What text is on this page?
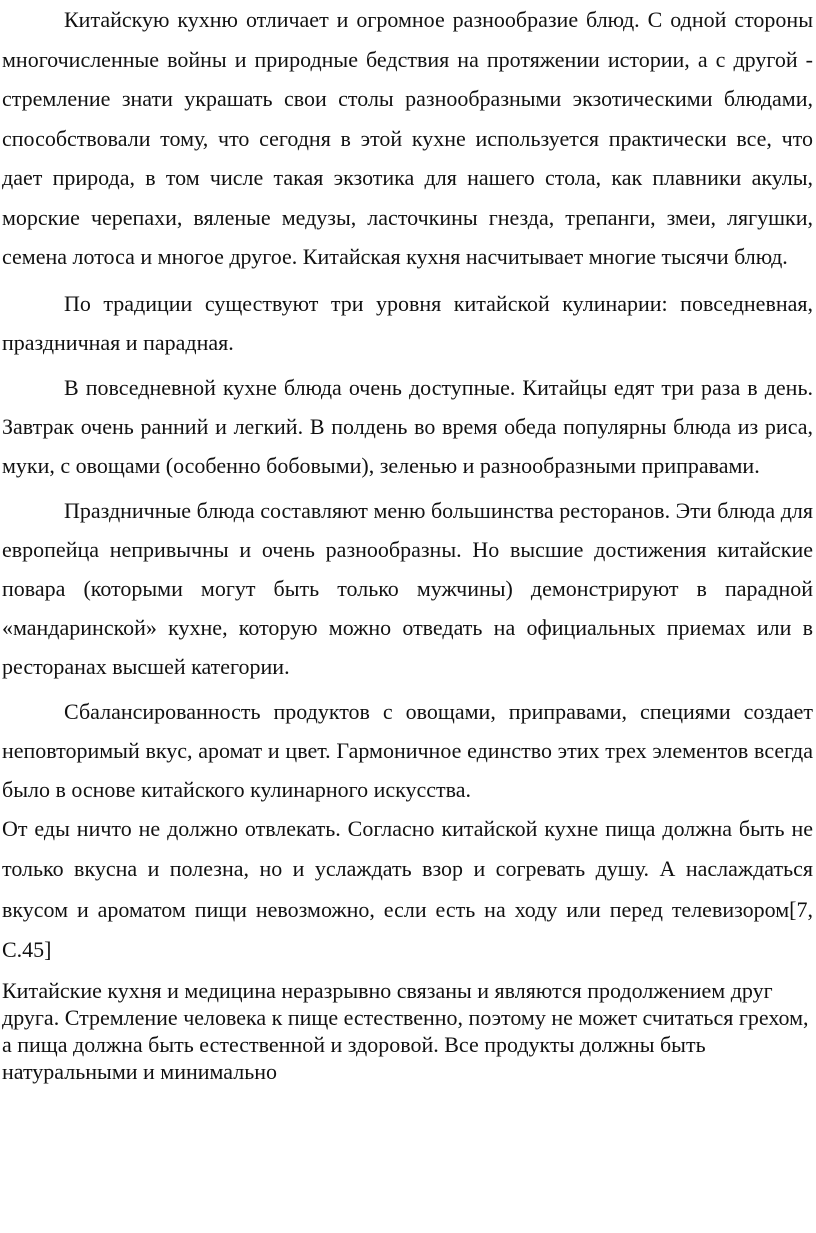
Китайскую кухню отличает и огромное разнообразие блюд. С одной стороны многочисленные войны и природные бедствия на протяжении истории, а с другой - стремление знати украшать свои столы разнообразными экзотическими блюдами, способствовали тому, что сегодня в этой кухне используется практически все, что дает природа, в том числе такая экзотика для нашего стола, как плавники акулы, морские черепахи, вяленые медузы, ласточкины гнезда, трепанги, змеи, лягушки, семена лотоса и многое другое. Китайская кухня насчитывает многие тысячи блюд.

По традиции существуют три уровня китайской кулинарии: повседневная, праздничная и парадная.

В повседневной кухне блюда очень доступные. Китайцы едят три раза в день. Завтрак очень ранний и легкий. В полдень во время обеда популярны блюда из риса, муки, с овощами (особенно бобовыми), зеленью и разнообразными приправами.

Праздничные блюда составляют меню большинства ресторанов. Эти блюда для европейца непривычны и очень разнообразны. Но высшие достижения китайские повара (которыми могут быть только мужчины) демонстрируют в парадной «мандаринской» кухне, которую можно отведать на официальных приемах или в ресторанах высшей категории.

Сбалансированность продуктов с овощами, приправами, специями создает неповторимый вкус, аромат и цвет. Гармоничное единство этих трех элементов всегда было в основе китайского кулинарного искусства.

От еды ничто не должно отвлекать. Согласно китайской кухне пища должна быть не только вкусна и полезна, но и услаждать взор и согревать душу. А наслаждаться вкусом и ароматом пищи невозможно, если есть на ходу или перед телевизором[7, С.45]

Китайские кухня и медицина неразрывно связаны и являются продолжением друг друга. Стремление человека к пище естественно, поэтому не может считаться грехом, а пища должна быть естественной и здоровой. Все продукты должны быть натуральными и минимально
